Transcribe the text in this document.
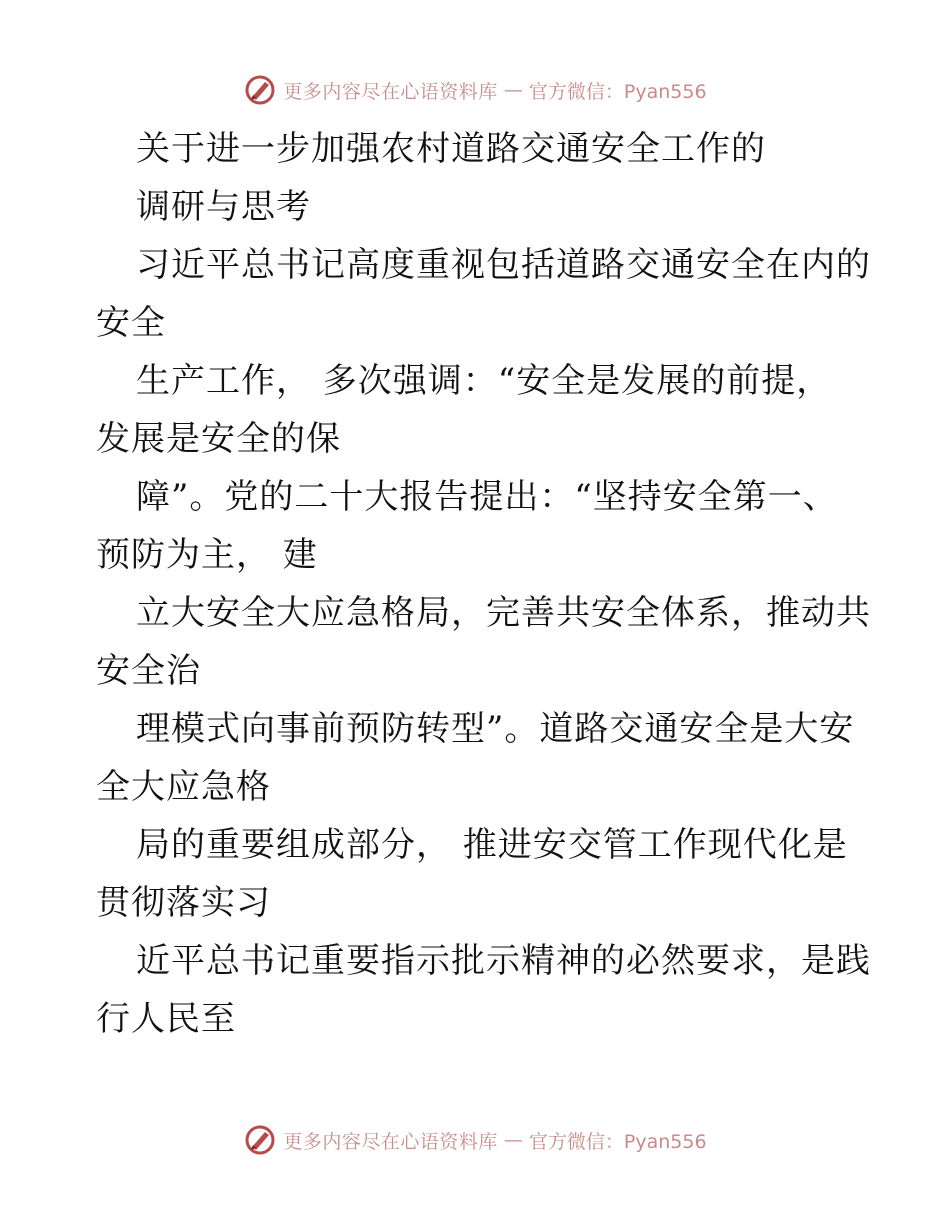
更多内容尽在心语资料库 — 官方微信：Pyan556
关于进一步加强农村道路交通安全工作的
调研与思考
习近平总书记高度重视包括道路交通安全在内的
安全
生产工作， 多次强调：“安全是发展的前提，
发展是安全的保
障”。党的二十大报告提出：“坚持安全第一、
预防为主， 建
立大安全大应急格局，完善共安全体系，推动共
安全治
理模式向事前预防转型”。道路交通安全是大安
全大应急格
局的重要组成部分， 推进安交管工作现代化是
贯彻落实习
近平总书记重要指示批示精神的必然要求，是践
行人民至
更多内容尽在心语资料库 — 官方微信：Pyan556
